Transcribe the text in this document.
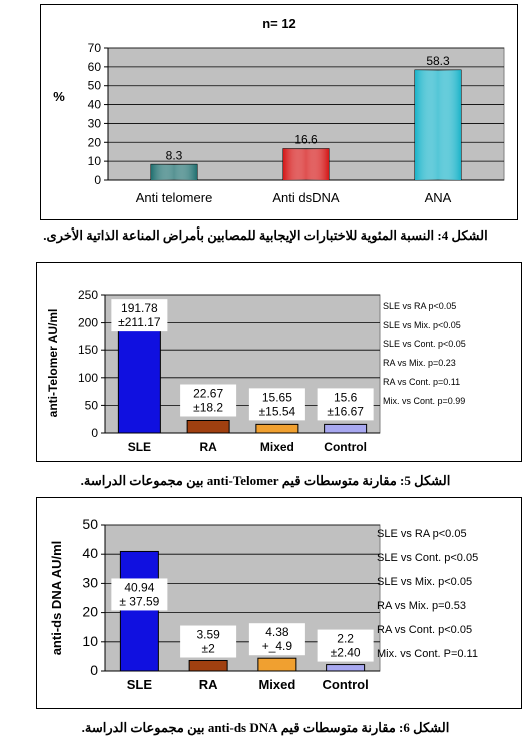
0
10
20
30
40
50
60
70
n= 12
%
Anti telomere
8.3
Anti dsDNA
16.6
ANA
58.3
الشكل 4: النسبة المئوية للاختبارات الإيجابية للمصابين بأمراض المناعة الذاتية الأخرى.
0
50
100
150
200
250
anti-Telomer AU/ml
SLE
191.78
±211.17
RA
22.67
±18.2
Mixed
15.65
±15.54
Control
15.6
±16.67
SLE vs RA p<0.05
SLE vs Mix. p<0.05
SLE vs Cont. p<0.05
RA vs Mix. p=0.23
RA vs Cont. p=0.11
Mix. vs Cont. p=0.99
الشكل 5: مقارنة متوسطات قيم anti-Telomer بين مجموعات الدراسة.
0
10
20
30
40
50
anti-ds DNA AU/ml
SLE
40.94
± 37.59
RA
3.59
±2
Mixed
4.38
+_4.9
Control
2.2
±2.40
SLE vs RA p<0.05
SLE vs Cont. p<0.05
SLE vs Mix. p<0.05
RA vs Mix. p=0.53
RA vs Cont. p<0.05
Mix. vs Cont. P=0.11
الشكل 6: مقارنة متوسطات قيم anti-ds DNA بين مجموعات الدراسة.
